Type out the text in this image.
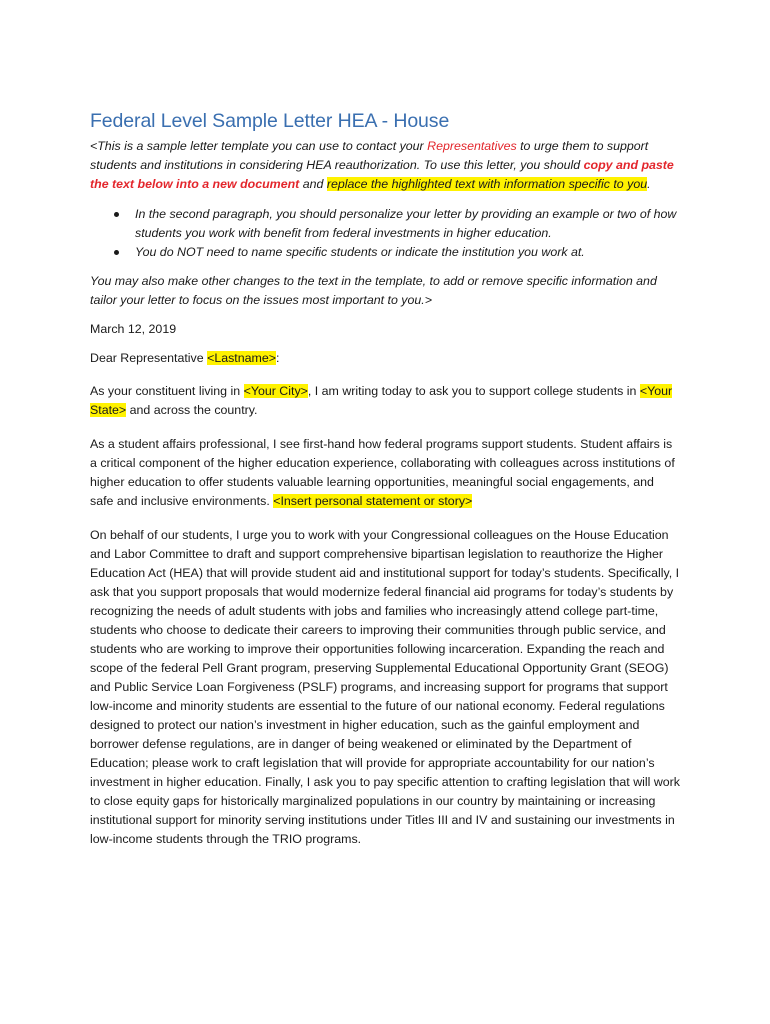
Federal Level Sample Letter HEA - House

<This is a sample letter template you can use to contact your Representatives to urge them to support students and institutions in considering HEA reauthorization. To use this letter, you should copy and paste the text below into a new document and replace the highlighted text with information specific to you.

In the second paragraph, you should personalize your letter by providing an example or two of how students you work with benefit from federal investments in higher education.
You do NOT need to name specific students or indicate the institution you work at.

You may also make other changes to the text in the template, to add or remove specific information and tailor your letter to focus on the issues most important to you.>

March 12, 2019

Dear Representative <Lastname>:

As your constituent living in <Your City>, I am writing today to ask you to support college students in <Your State> and across the country.

As a student affairs professional, I see first-hand how federal programs support students. Student affairs is a critical component of the higher education experience, collaborating with colleagues across institutions of higher education to offer students valuable learning opportunities, meaningful social engagements, and safe and inclusive environments. <Insert personal statement or story>

On behalf of our students, I urge you to work with your Congressional colleagues on the House Education and Labor Committee to draft and support comprehensive bipartisan legislation to reauthorize the Higher Education Act (HEA) that will provide student aid and institutional support for today’s students. Specifically, I ask that you support proposals that would modernize federal financial aid programs for today’s students by recognizing the needs of adult students with jobs and families who increasingly attend college part-time, students who choose to dedicate their careers to improving their communities through public service, and students who are working to improve their opportunities following incarceration. Expanding the reach and scope of the federal Pell Grant program, preserving Supplemental Educational Opportunity Grant (SEOG) and Public Service Loan Forgiveness (PSLF) programs, and increasing support for programs that support low-income and minority students are essential to the future of our national economy. Federal regulations designed to protect our nation’s investment in higher education, such as the gainful employment and borrower defense regulations, are in danger of being weakened or eliminated by the Department of Education; please work to craft legislation that will provide for appropriate accountability for our nation’s investment in higher education. Finally, I ask you to pay specific attention to crafting legislation that will work to close equity gaps for historically marginalized populations in our country by maintaining or increasing institutional support for minority serving institutions under Titles III and IV and sustaining our investments in low-income students through the TRIO programs.
